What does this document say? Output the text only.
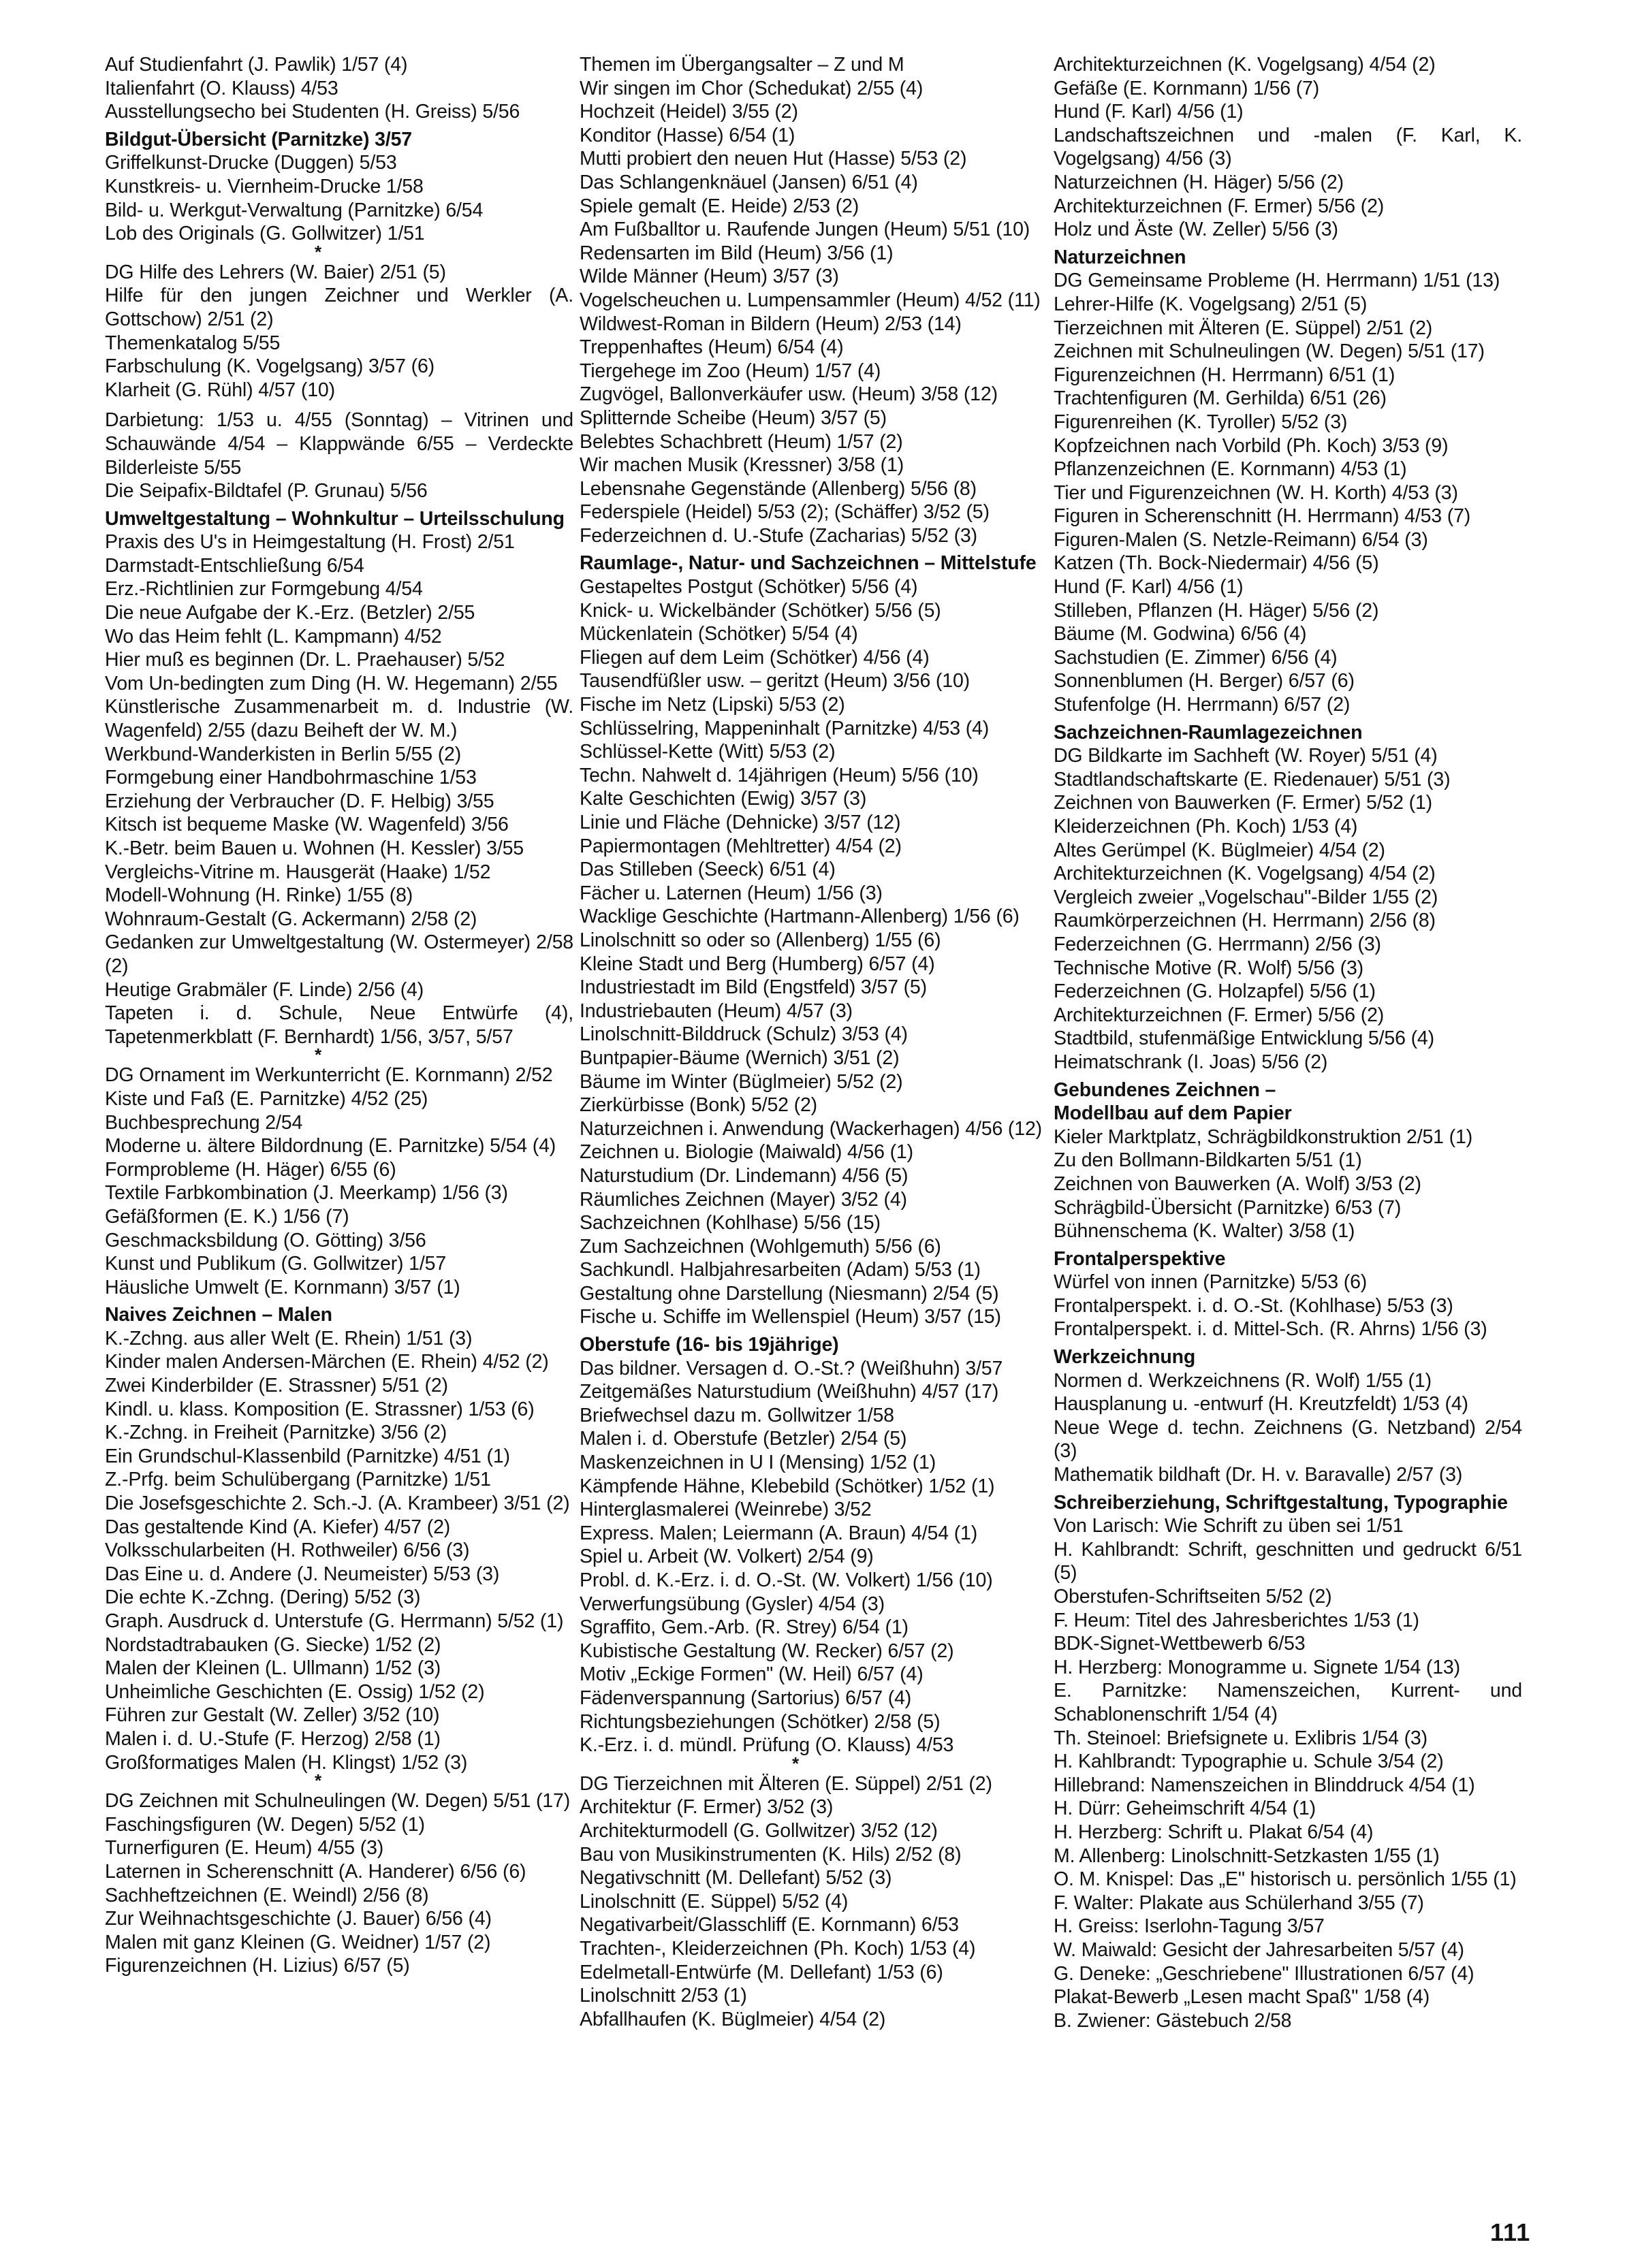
Auf Studienfahrt (J. Pawlik) 1/57 (4)
Italienfahrt (O. Klauss) 4/53
Ausstellungsecho bei Studenten (H. Greiss) 5/56
Bildgut-Übersicht (Parnitzke) 3/57
Griffelkunst-Drucke (Duggen) 5/53
Kunstkreis- u. Viernheim-Drucke 1/58
Bild- u. Werkgut-Verwaltung (Parnitzke) 6/54
Lob des Originals (G. Gollwitzer) 1/51
*
DG Hilfe des Lehrers (W. Baier) 2/51 (5)
Hilfe für den jungen Zeichner und Werkler (A. Gottschow) 2/51 (2)
Themenkatalog 5/55
Farbschulung (K. Vogelgsang) 3/57 (6)
Klarheit (G. Rühl) 4/57 (10)
Darbietung: 1/53 u. 4/55 (Sonntag) – Vitrinen und Schauwände 4/54 – Klappwände 6/55 – Verdeckte Bilderleiste 5/55
Die Seipafix-Bildtafel (P. Grunau) 5/56
Umweltgestaltung – Wohnkultur – Urteilsschulung
Praxis des U's in Heimgestaltung (H. Frost) 2/51
Darmstadt-Entschließung 6/54
Erz.-Richtlinien zur Formgebung 4/54
Die neue Aufgabe der K.-Erz. (Betzler) 2/55
Wo das Heim fehlt (L. Kampmann) 4/52
Hier muß es beginnen (Dr. L. Praehauser) 5/52
Vom Un-bedingten zum Ding (H. W. Hegemann) 2/55
Künstlerische Zusammenarbeit m. d. Industrie (W. Wagenfeld) 2/55 (dazu Beiheft der W. M.)
Werkbund-Wanderkisten in Berlin 5/55 (2)
Formgebung einer Handbohrmaschine 1/53
Erziehung der Verbraucher (D. F. Helbig) 3/55
Kitsch ist bequeme Maske (W. Wagenfeld) 3/56
K.-Betr. beim Bauen u. Wohnen (H. Kessler) 3/55
Vergleichs-Vitrine m. Hausgerät (Haake) 1/52
Modell-Wohnung (H. Rinke) 1/55 (8)
Wohnraum-Gestalt (G. Ackermann) 2/58 (2)
Gedanken zur Umweltgestaltung (W. Ostermeyer) 2/58 (2)
Heutige Grabmäler (F. Linde) 2/56 (4)
Tapeten i. d. Schule, Neue Entwürfe (4), Tapetenmerkblatt (F. Bernhardt) 1/56, 3/57, 5/57
*
DG Ornament im Werkunterricht (E. Kornmann) 2/52
Kiste und Faß (E. Parnitzke) 4/52 (25)
Buchbesprechung 2/54
Moderne u. ältere Bildordnung (E. Parnitzke) 5/54 (4)
Formprobleme (H. Häger) 6/55 (6)
Textile Farbkombination (J. Meerkamp) 1/56 (3)
Gefäßformen (E. K.) 1/56 (7)
Geschmacksbildung (O. Götting) 3/56
Kunst und Publikum (G. Gollwitzer) 1/57
Häusliche Umwelt (E. Kornmann) 3/57 (1)
Naives Zeichnen – Malen
K.-Zchng. aus aller Welt (E. Rhein) 1/51 (3)
Kinder malen Andersen-Märchen (E. Rhein) 4/52 (2)
Zwei Kinderbilder (E. Strassner) 5/51 (2)
Kindl. u. klass. Komposition (E. Strassner) 1/53 (6)
K.-Zchng. in Freiheit (Parnitzke) 3/56 (2)
Ein Grundschul-Klassenbild (Parnitzke) 4/51 (1)
Z.-Prfg. beim Schulübergang (Parnitzke) 1/51
Die Josefsgeschichte 2. Sch.-J. (A. Krambeer) 3/51 (2)
Das gestaltende Kind (A. Kiefer) 4/57 (2)
Volksschularbeiten (H. Rothweiler) 6/56 (3)
Das Eine u. d. Andere (J. Neumeister) 5/53 (3)
Die echte K.-Zchng. (Dering) 5/52 (3)
Graph. Ausdruck d. Unterstufe (G. Herrmann) 5/52 (1)
Nordstadtrabauken (G. Siecke) 1/52 (2)
Malen der Kleinen (L. Ullmann) 1/52 (3)
Unheimliche Geschichten (E. Ossig) 1/52 (2)
Führen zur Gestalt (W. Zeller) 3/52 (10)
Malen i. d. U.-Stufe (F. Herzog) 2/58 (1)
Großformatiges Malen (H. Klingst) 1/52 (3)
*
DG Zeichnen mit Schulneulingen (W. Degen) 5/51 (17)
Faschingsfiguren (W. Degen) 5/52 (1)
Turnerfiguren (E. Heum) 4/55 (3)
Laternen in Scherenschnitt (A. Handerer) 6/56 (6)
Sachheftzeichnen (E. Weindl) 2/56 (8)
Zur Weihnachtsgeschichte (J. Bauer) 6/56 (4)
Malen mit ganz Kleinen (G. Weidner) 1/57 (2)
Figurenzeichnen (H. Lizius) 6/57 (5)
Themen im Übergangsalter – Z und M
Wir singen im Chor (Schedukat) 2/55 (4)
Hochzeit (Heidel) 3/55 (2)
Konditor (Hasse) 6/54 (1)
Mutti probiert den neuen Hut (Hasse) 5/53 (2)
Das Schlangenknäuel (Jansen) 6/51 (4)
Spiele gemalt (E. Heide) 2/53 (2)
Am Fußballtor u. Raufende Jungen (Heum) 5/51 (10)
Redensarten im Bild (Heum) 3/56 (1)
Wilde Männer (Heum) 3/57 (3)
Vogelscheuchen u. Lumpensammler (Heum) 4/52 (11)
Wildwest-Roman in Bildern (Heum) 2/53 (14)
Treppenhaftes (Heum) 6/54 (4)
Tiergehege im Zoo (Heum) 1/57 (4)
Zugvögel, Ballonverkäufer usw. (Heum) 3/58 (12)
Splitternde Scheibe (Heum) 3/57 (5)
Belebtes Schachbrett (Heum) 1/57 (2)
Wir machen Musik (Kressner) 3/58 (1)
Lebensnahe Gegenstände (Allenberg) 5/56 (8)
Federspiele (Heidel) 5/53 (2); (Schäffer) 3/52 (5)
Federzeichnen d. U.-Stufe (Zacharias) 5/52 (3)
Raumlage-, Natur- und Sachzeichnen – Mittelstufe
Gestapeltes Postgut (Schötker) 5/56 (4)
Knick- u. Wickelbänder (Schötker) 5/56 (5)
Mückenlatein (Schötker) 5/54 (4)
Fliegen auf dem Leim (Schötker) 4/56 (4)
Tausendfüßler usw. – geritzt (Heum) 3/56 (10)
Fische im Netz (Lipski) 5/53 (2)
Schlüsselring, Mappeninhalt (Parnitzke) 4/53 (4)
Schlüssel-Kette (Witt) 5/53 (2)
Techn. Nahwelt d. 14jährigen (Heum) 5/56 (10)
Kalte Geschichten (Ewig) 3/57 (3)
Linie und Fläche (Dehnicke) 3/57 (12)
Papiermontagen (Mehltretter) 4/54 (2)
Das Stilleben (Seeck) 6/51 (4)
Fächer u. Laternen (Heum) 1/56 (3)
Wacklige Geschichte (Hartmann-Allenberg) 1/56 (6)
Linolschnitt so oder so (Allenberg) 1/55 (6)
Kleine Stadt und Berg (Humberg) 6/57 (4)
Industriestadt im Bild (Engstfeld) 3/57 (5)
Industriebauten (Heum) 4/57 (3)
Linolschnitt-Bilddruck (Schulz) 3/53 (4)
Buntpapier-Bäume (Wernich) 3/51 (2)
Bäume im Winter (Büglmeier) 5/52 (2)
Zierkürbisse (Bonk) 5/52 (2)
Naturzeichnen i. Anwendung (Wackerhagen) 4/56 (12)
Zeichnen u. Biologie (Maiwald) 4/56 (1)
Naturstudium (Dr. Lindemann) 4/56 (5)
Räumliches Zeichnen (Mayer) 3/52 (4)
Sachzeichnen (Kohlhase) 5/56 (15)
Zum Sachzeichnen (Wohlgemuth) 5/56 (6)
Sachkundl. Halbjahresarbeiten (Adam) 5/53 (1)
Gestaltung ohne Darstellung (Niesmann) 2/54 (5)
Fische u. Schiffe im Wellenspiel (Heum) 3/57 (15)
Oberstufe (16- bis 19jährige)
Das bildner. Versagen d. O.-St.? (Weißhuhn) 3/57
Zeitgemäßes Naturstudium (Weißhuhn) 4/57 (17)
Briefwechsel dazu m. Gollwitzer 1/58
Malen i. d. Oberstufe (Betzler) 2/54 (5)
Maskenzeichnen in U I (Mensing) 1/52 (1)
Kämpfende Hähne, Klebebild (Schötker) 1/52 (1)
Hinterglasmalerei (Weinrebe) 3/52
Express. Malen; Leiermann (A. Braun) 4/54 (1)
Spiel u. Arbeit (W. Volkert) 2/54 (9)
Probl. d. K.-Erz. i. d. O.-St. (W. Volkert) 1/56 (10)
Verwerfungsübung (Gysler) 4/54 (3)
Sgraffito, Gem.-Arb. (R. Strey) 6/54 (1)
Kubistische Gestaltung (W. Recker) 6/57 (2)
Motiv „Eckige Formen" (W. Heil) 6/57 (4)
Fädenverspannung (Sartorius) 6/57 (4)
Richtungsbeziehungen (Schötker) 2/58 (5)
K.-Erz. i. d. mündl. Prüfung (O. Klauss) 4/53
*
DG Tierzeichnen mit Älteren (E. Süppel) 2/51 (2)
Architektur (F. Ermer) 3/52 (3)
Architekturmodell (G. Gollwitzer) 3/52 (12)
Bau von Musikinstrumenten (K. Hils) 2/52 (8)
Negativschnitt (M. Dellefant) 5/52 (3)
Linolschnitt (E. Süppel) 5/52 (4)
Negativarbeit/Glasschliff (E. Kornmann) 6/53
Trachten-, Kleiderzeichnen (Ph. Koch) 1/53 (4)
Edelmetall-Entwürfe (M. Dellefant) 1/53 (6)
Linolschnitt 2/53 (1)
Abfallhaufen (K. Büglmeier) 4/54 (2)
Architekturzeichnen (K. Vogelgsang) 4/54 (2)
Gefäße (E. Kornmann) 1/56 (7)
Hund (F. Karl) 4/56 (1)
Landschaftszeichnen und -malen (F. Karl, K. Vogelgsang) 4/56 (3)
Naturzeichnen (H. Häger) 5/56 (2)
Architekturzeichnen (F. Ermer) 5/56 (2)
Holz und Äste (W. Zeller) 5/56 (3)
Naturzeichnen
DG Gemeinsame Probleme (H. Herrmann) 1/51 (13)
Lehrer-Hilfe (K. Vogelgsang) 2/51 (5)
Tierzeichnen mit Älteren (E. Süppel) 2/51 (2)
Zeichnen mit Schulneulingen (W. Degen) 5/51 (17)
Figurenzeichnen (H. Herrmann) 6/51 (1)
Trachtenfiguren (M. Gerhilda) 6/51 (26)
Figurenreihen (K. Tyroller) 5/52 (3)
Kopfzeichnen nach Vorbild (Ph. Koch) 3/53 (9)
Pflanzenzeichnen (E. Kornmann) 4/53 (1)
Tier und Figurenzeichnen (W. H. Korth) 4/53 (3)
Figuren in Scherenschnitt (H. Herrmann) 4/53 (7)
Figuren-Malen (S. Netzle-Reimann) 6/54 (3)
Katzen (Th. Bock-Niedermair) 4/56 (5)
Hund (F. Karl) 4/56 (1)
Stilleben, Pflanzen (H. Häger) 5/56 (2)
Bäume (M. Godwina) 6/56 (4)
Sachstudien (E. Zimmer) 6/56 (4)
Sonnenblumen (H. Berger) 6/57 (6)
Stufenfolge (H. Herrmann) 6/57 (2)
Sachzeichnen-Raumlagezeichnen
DG Bildkarte im Sachheft (W. Royer) 5/51 (4)
Stadtlandschaftskarte (E. Riedenauer) 5/51 (3)
Zeichnen von Bauwerken (F. Ermer) 5/52 (1)
Kleiderzeichnen (Ph. Koch) 1/53 (4)
Altes Gerümpel (K. Büglmeier) 4/54 (2)
Architekturzeichnen (K. Vogelgsang) 4/54 (2)
Vergleich zweier „Vogelschau"-Bilder 1/55 (2)
Raumkörperzeichnen (H. Herrmann) 2/56 (8)
Federzeichnen (G. Herrmann) 2/56 (3)
Technische Motive (R. Wolf) 5/56 (3)
Federzeichnen (G. Holzapfel) 5/56 (1)
Architekturzeichnen (F. Ermer) 5/56 (2)
Stadtbild, stufenmäßige Entwicklung 5/56 (4)
Heimatschrank (I. Joas) 5/56 (2)
Gebundenes Zeichnen –
Modellbau auf dem Papier
Kieler Marktplatz, Schrägbildkonstruktion 2/51 (1)
Zu den Bollmann-Bildkarten 5/51 (1)
Zeichnen von Bauwerken (A. Wolf) 3/53 (2)
Schrägbild-Übersicht (Parnitzke) 6/53 (7)
Bühnenschema (K. Walter) 3/58 (1)
Frontalperspektive
Würfel von innen (Parnitzke) 5/53 (6)
Frontalperspekt. i. d. O.-St. (Kohlhase) 5/53 (3)
Frontalperspekt. i. d. Mittel-Sch. (R. Ahrns) 1/56 (3)
Werkzeichnung
Normen d. Werkzeichnens (R. Wolf) 1/55 (1)
Hausplanung u. -entwurf (H. Kreutzfeldt) 1/53 (4)
Neue Wege d. techn. Zeichnens (G. Netzband) 2/54 (3)
Mathematik bildhaft (Dr. H. v. Baravalle) 2/57 (3)
Schreiberziehung, Schriftgestaltung, Typographie
Von Larisch: Wie Schrift zu üben sei 1/51
H. Kahlbrandt: Schrift, geschnitten und gedruckt 6/51 (5)
Oberstufen-Schriftseiten 5/52 (2)
F. Heum: Titel des Jahresberichtes 1/53 (1)
BDK-Signet-Wettbewerb 6/53
H. Herzberg: Monogramme u. Signete 1/54 (13)
E. Parnitzke: Namenszeichen, Kurrent- und Schablonenschrift 1/54 (4)
Th. Steinoel: Briefsignete u. Exlibris 1/54 (3)
H. Kahlbrandt: Typographie u. Schule 3/54 (2)
Hillebrand: Namenszeichen in Blinddruck 4/54 (1)
H. Dürr: Geheimschrift 4/54 (1)
H. Herzberg: Schrift u. Plakat 6/54 (4)
M. Allenberg: Linolschnitt-Setzkasten 1/55 (1)
O. M. Knispel: Das „E" historisch u. persönlich 1/55 (1)
F. Walter: Plakate aus Schülerhand 3/55 (7)
H. Greiss: Iserlohn-Tagung 3/57
W. Maiwald: Gesicht der Jahresarbeiten 5/57 (4)
G. Deneke: „Geschriebene" Illustrationen 6/57 (4)
Plakat-Bewerb „Lesen macht Spaß" 1/58 (4)
B. Zwiener: Gästebuch 2/58
111
